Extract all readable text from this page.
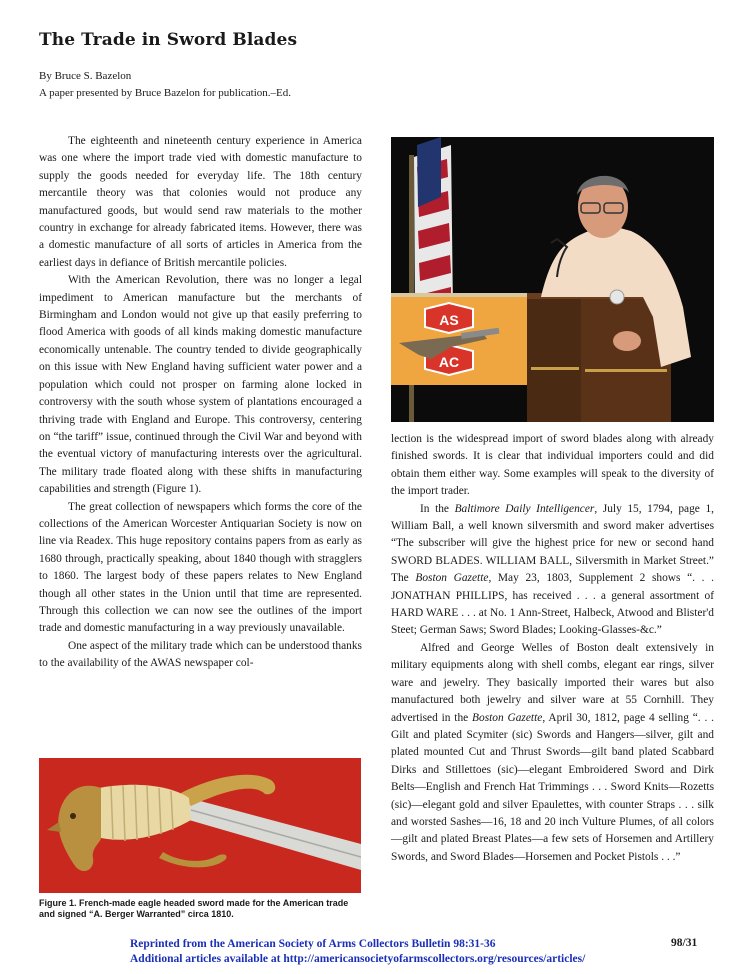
The Trade in Sword Blades
By Bruce S. Bazelon
A paper presented by Bruce Bazelon for publication.–Ed.

The eighteenth and nineteenth century experience in America was one where the import trade vied with domestic manufacture to supply the goods needed for everyday life. The 18th century mercantile theory was that colonies would not produce any manufactured goods, but would send raw materials to the mother country in exchange for already fabricated items. However, there was a domestic manufacture of all sorts of articles in America from the earliest days in defiance of British mercantile policies.

With the American Revolution, there was no longer a legal impediment to American manufacture but the merchants of Birmingham and London would not give up that easily preferring to flood America with goods of all kinds making domestic manufacture economically untenable. The country tended to divide geographically on this issue with New England having sufficient water power and a population which could not prosper on farming alone locked in controversy with the south whose system of plantations encouraged a thriving trade with England and Europe. This controversy, centering on “the tariff” issue, continued through the Civil War and beyond with the eventual victory of manufacturing interests over the agricultural. The military trade floated along with these shifts in manufacturing capabilities and strength (Figure 1).

The great collection of newspapers which forms the core of the collections of the American Worcester Antiquarian Society is now on line via Readex. This huge repository contains papers from as early as 1680 through, practically speaking, about 1840 though with stragglers to 1860. The largest body of these papers relates to New England though all other states in the Union until that time are represented. Through this collection we can now see the outlines of the import trade and domestic manufacturing in a way previously unavailable.

One aspect of the military trade which can be understood thanks to the availability of the AWAS newspaper col-

AS
AC

lection is the widespread import of sword blades along with already finished swords. It is clear that individual importers could and did obtain them either way. Some examples will speak to the diversity of the import trader.

In the Baltimore Daily Intelligencer, July 15, 1794, page 1, William Ball, a well known silversmith and sword maker advertises “The subscriber will give the highest price for new or second hand SWORD BLADES. WILLIAM BALL, Silversmith in Market Street.” The Boston Gazette, May 23, 1803, Supplement 2 shows “. . . JONATHAN PHILLIPS, has received . . . a general assortment of HARD WARE . . . at No. 1 Ann-Street, Halbeck, Atwood and Blister'd Steet; German Saws; Sword Blades; Looking-Glasses-&c.”

Alfred and George Welles of Boston dealt extensively in military equipments along with shell combs, elegant ear rings, silver ware and jewelry. They basically imported their wares but also manufactured both jewelry and silver ware at 55 Cornhill. They advertised in the Boston Gazette, April 30, 1812, page 4 selling “. . . Gilt and plated Scymiter (sic) Swords and Hangers—silver, gilt and plated mounted Cut and Thrust Swords—gilt band plated Scabbard Dirks and Stillettoes (sic)—elegant Embroidered Sword and Dirk Belts—English and French Hat Trimmings . . . Sword Knits—Rozetts (sic)—elegant gold and silver Epaulettes, with counter Straps . . . silk and worsted Sashes—16, 18 and 20 inch Vulture Plumes, of all colors—gilt and plated Breast Plates—a few sets of Horsemen and Artillery Swords, and Sword Blades—Horsemen and Pocket Pistols . . .”

Figure 1. French-made eagle headed sword made for the American trade and signed “A. Berger Warranted” circa 1810.
Reprinted from the American Society of Arms Collectors Bulletin 98:31-36
Additional articles available at http://americansocietyofarmscollectors.org/resources/articles/
98/31
